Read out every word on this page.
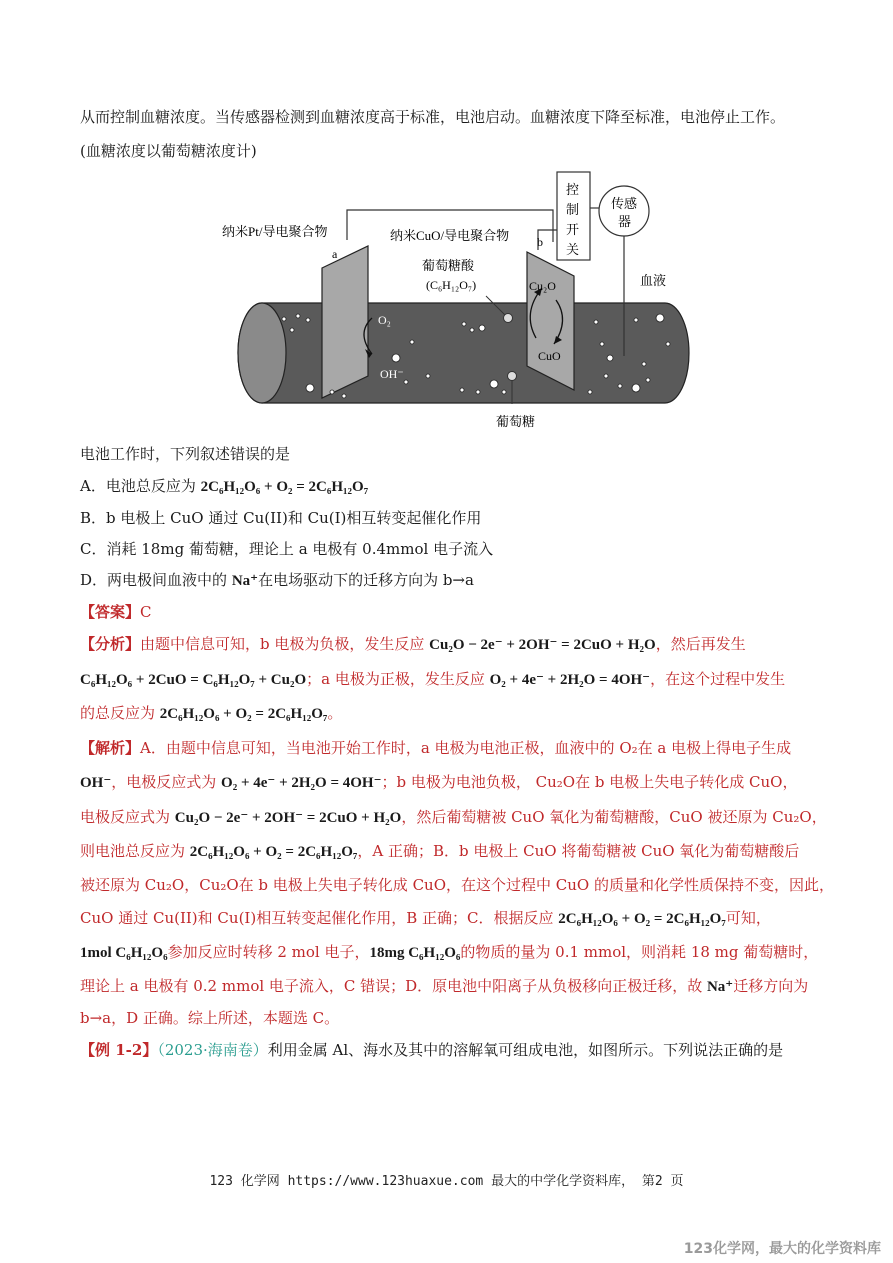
从而控制血糖浓度。当传感器检测到血糖浓度高于标准，电池启动。血糖浓度下降至标准，电池停止工作。
(血糖浓度以葡萄糖浓度计)
纳米Pt/导电聚合物
a
b
纳米CuO/导电聚合物
控
制
开
关
传感
器
血液
葡萄糖酸
(C₆H₁₂O₇)
O₂
OH⁻
Cu₂O
CuO
葡萄糖
电池工作时，下列叙述错误的是
A．电池总反应为 2C₆H₁₂O₆ + O₂ = 2C₆H₁₂O₇
B．b 电极上 CuO 通过 Cu(II)和 Cu(I)相互转变起催化作用
C．消耗 18mg 葡萄糖，理论上 a 电极有 0.4mmol 电子流入
D．两电极间血液中的 Na⁺在电场驱动下的迁移方向为 b→a
【答案】C
【分析】由题中信息可知，b 电极为负极，发生反应 Cu₂O − 2e⁻ + 2OH⁻ = 2CuO + H₂O，然后再发生
C₆H₁₂O₆ + 2CuO = C₆H₁₂O₇ + Cu₂O；a 电极为正极，发生反应 O₂ + 4e⁻ + 2H₂O = 4OH⁻，在这个过程中发生
的总反应为 2C₆H₁₂O₆ + O₂ = 2C₆H₁₂O₇。
【解析】A．由题中信息可知，当电池开始工作时，a 电极为电池正极，血液中的 O₂在 a 电极上得电子生成
OH⁻，电极反应式为 O₂ + 4e⁻ + 2H₂O = 4OH⁻；b 电极为电池负极， Cu₂O在 b 电极上失电子转化成 CuO，
电极反应式为 Cu₂O − 2e⁻ + 2OH⁻ = 2CuO + H₂O，然后葡萄糖被 CuO 氧化为葡萄糖酸，CuO 被还原为 Cu₂O，
则电池总反应为 2C₆H₁₂O₆ + O₂ = 2C₆H₁₂O₇，A 正确；B．b 电极上 CuO 将葡萄糖被 CuO 氧化为葡萄糖酸后
被还原为 Cu₂O，Cu₂O在 b 电极上失电子转化成 CuO，在这个过程中 CuO 的质量和化学性质保持不变，因此，
CuO 通过 Cu(II)和 Cu(I)相互转变起催化作用，B 正确；C．根据反应 2C₆H₁₂O₆ + O₂ = 2C₆H₁₂O₇可知，
1mol C₆H₁₂O₆参加反应时转移 2 mol 电子，18mg C₆H₁₂O₆的物质的量为 0.1 mmol，则消耗 18 mg 葡萄糖时，
理论上 a 电极有 0.2 mmol 电子流入，C 错误；D．原电池中阳离子从负极移向正极迁移，故 Na⁺迁移方向为
b→a，D 正确。综上所述，本题选 C。
【例 1-2】（2023·海南卷）利用金属 Al、海水及其中的溶解氧可组成电池，如图所示。下列说法正确的是
123 化学网 https://www.123huaxue.com 最大的中学化学资料库， 第2 页
123化学网，最大的化学资料库
